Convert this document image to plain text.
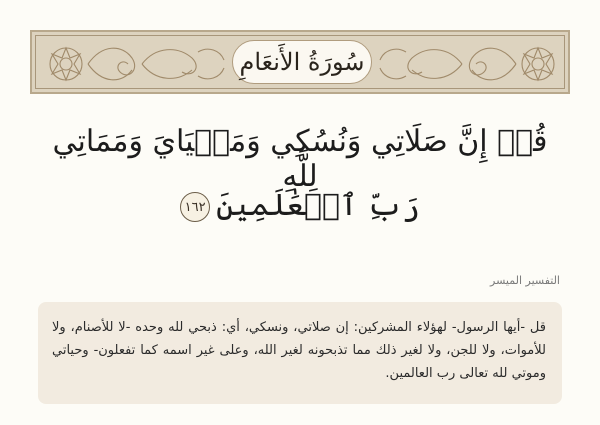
سُورَةُ الأَنعَامِ
قُلۡ إِنَّ صَلَاتِي وَنُسُكِي وَمَحۡيَايَ وَمَمَاتِي لِلَّهِ
رَبِّ ٱلۡعَٰلَمِينَ١٦٢
التفسير الميسر
قل -أيها الرسول- لهؤلاء المشركين: إن صلاتي، ونسكي، أي: ذبحي لله وحده -لا للأصنام، ولا للأموات، ولا للجن، ولا لغير ذلك مما تذبحونه لغير الله، وعلى غير اسمه كما تفعلون- وحياتي وموتي لله تعالى رب العالمين.
